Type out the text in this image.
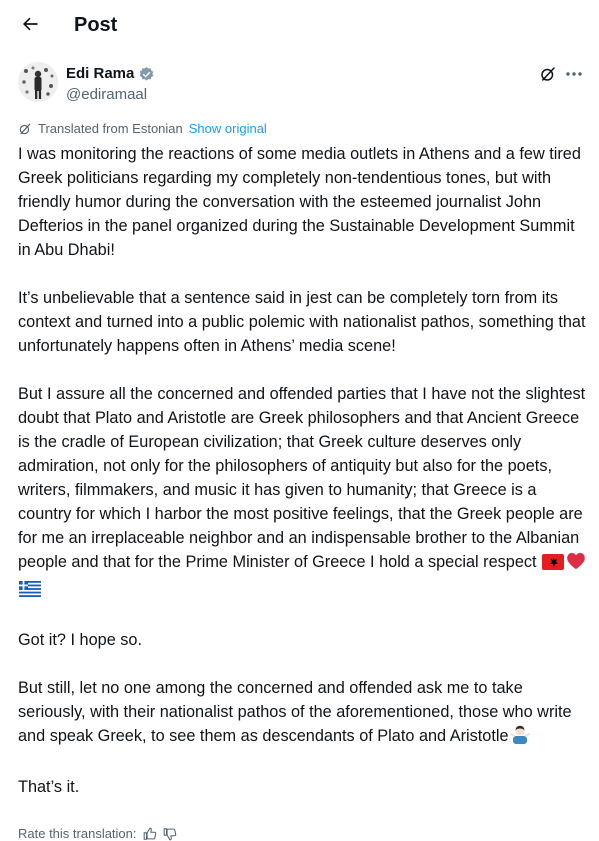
Post
Edi Rama
@ediramaal
Translated from Estonian Show original

I was monitoring the reactions of some media outlets in Athens and a few tired Greek politicians regarding my completely non-tendentious tones, but with friendly humor during the conversation with the esteemed journalist John Defterios in the panel organized during the Sustainable Development Summit in Abu Dhabi!

It’s unbelievable that a sentence said in jest can be completely torn from its context and turned into a public polemic with nationalist pathos, something that unfortunately happens often in Athens’ media scene!

But I assure all the concerned and offended parties that I have not the slightest doubt that Plato and Aristotle are Greek philosophers and that Ancient Greece is the cradle of European civilization; that Greek culture deserves only admiration, not only for the philosophers of antiquity but also for the poets, writers, filmmakers, and music it has given to humanity; that Greece is a country for which I harbor the most positive feelings, that the Greek people are for me an irreplaceable neighbor and an indispensable brother to the Albanian people and that for the Prime Minister of Greece I hold a special respect

Got it? I hope so.

But still, let no one among the concerned and offended ask me to take seriously, with their nationalist pathos of the aforementioned, those who write and speak Greek, to see them as descendants of Plato and Aristotle

That’s it.

Rate this translation:
